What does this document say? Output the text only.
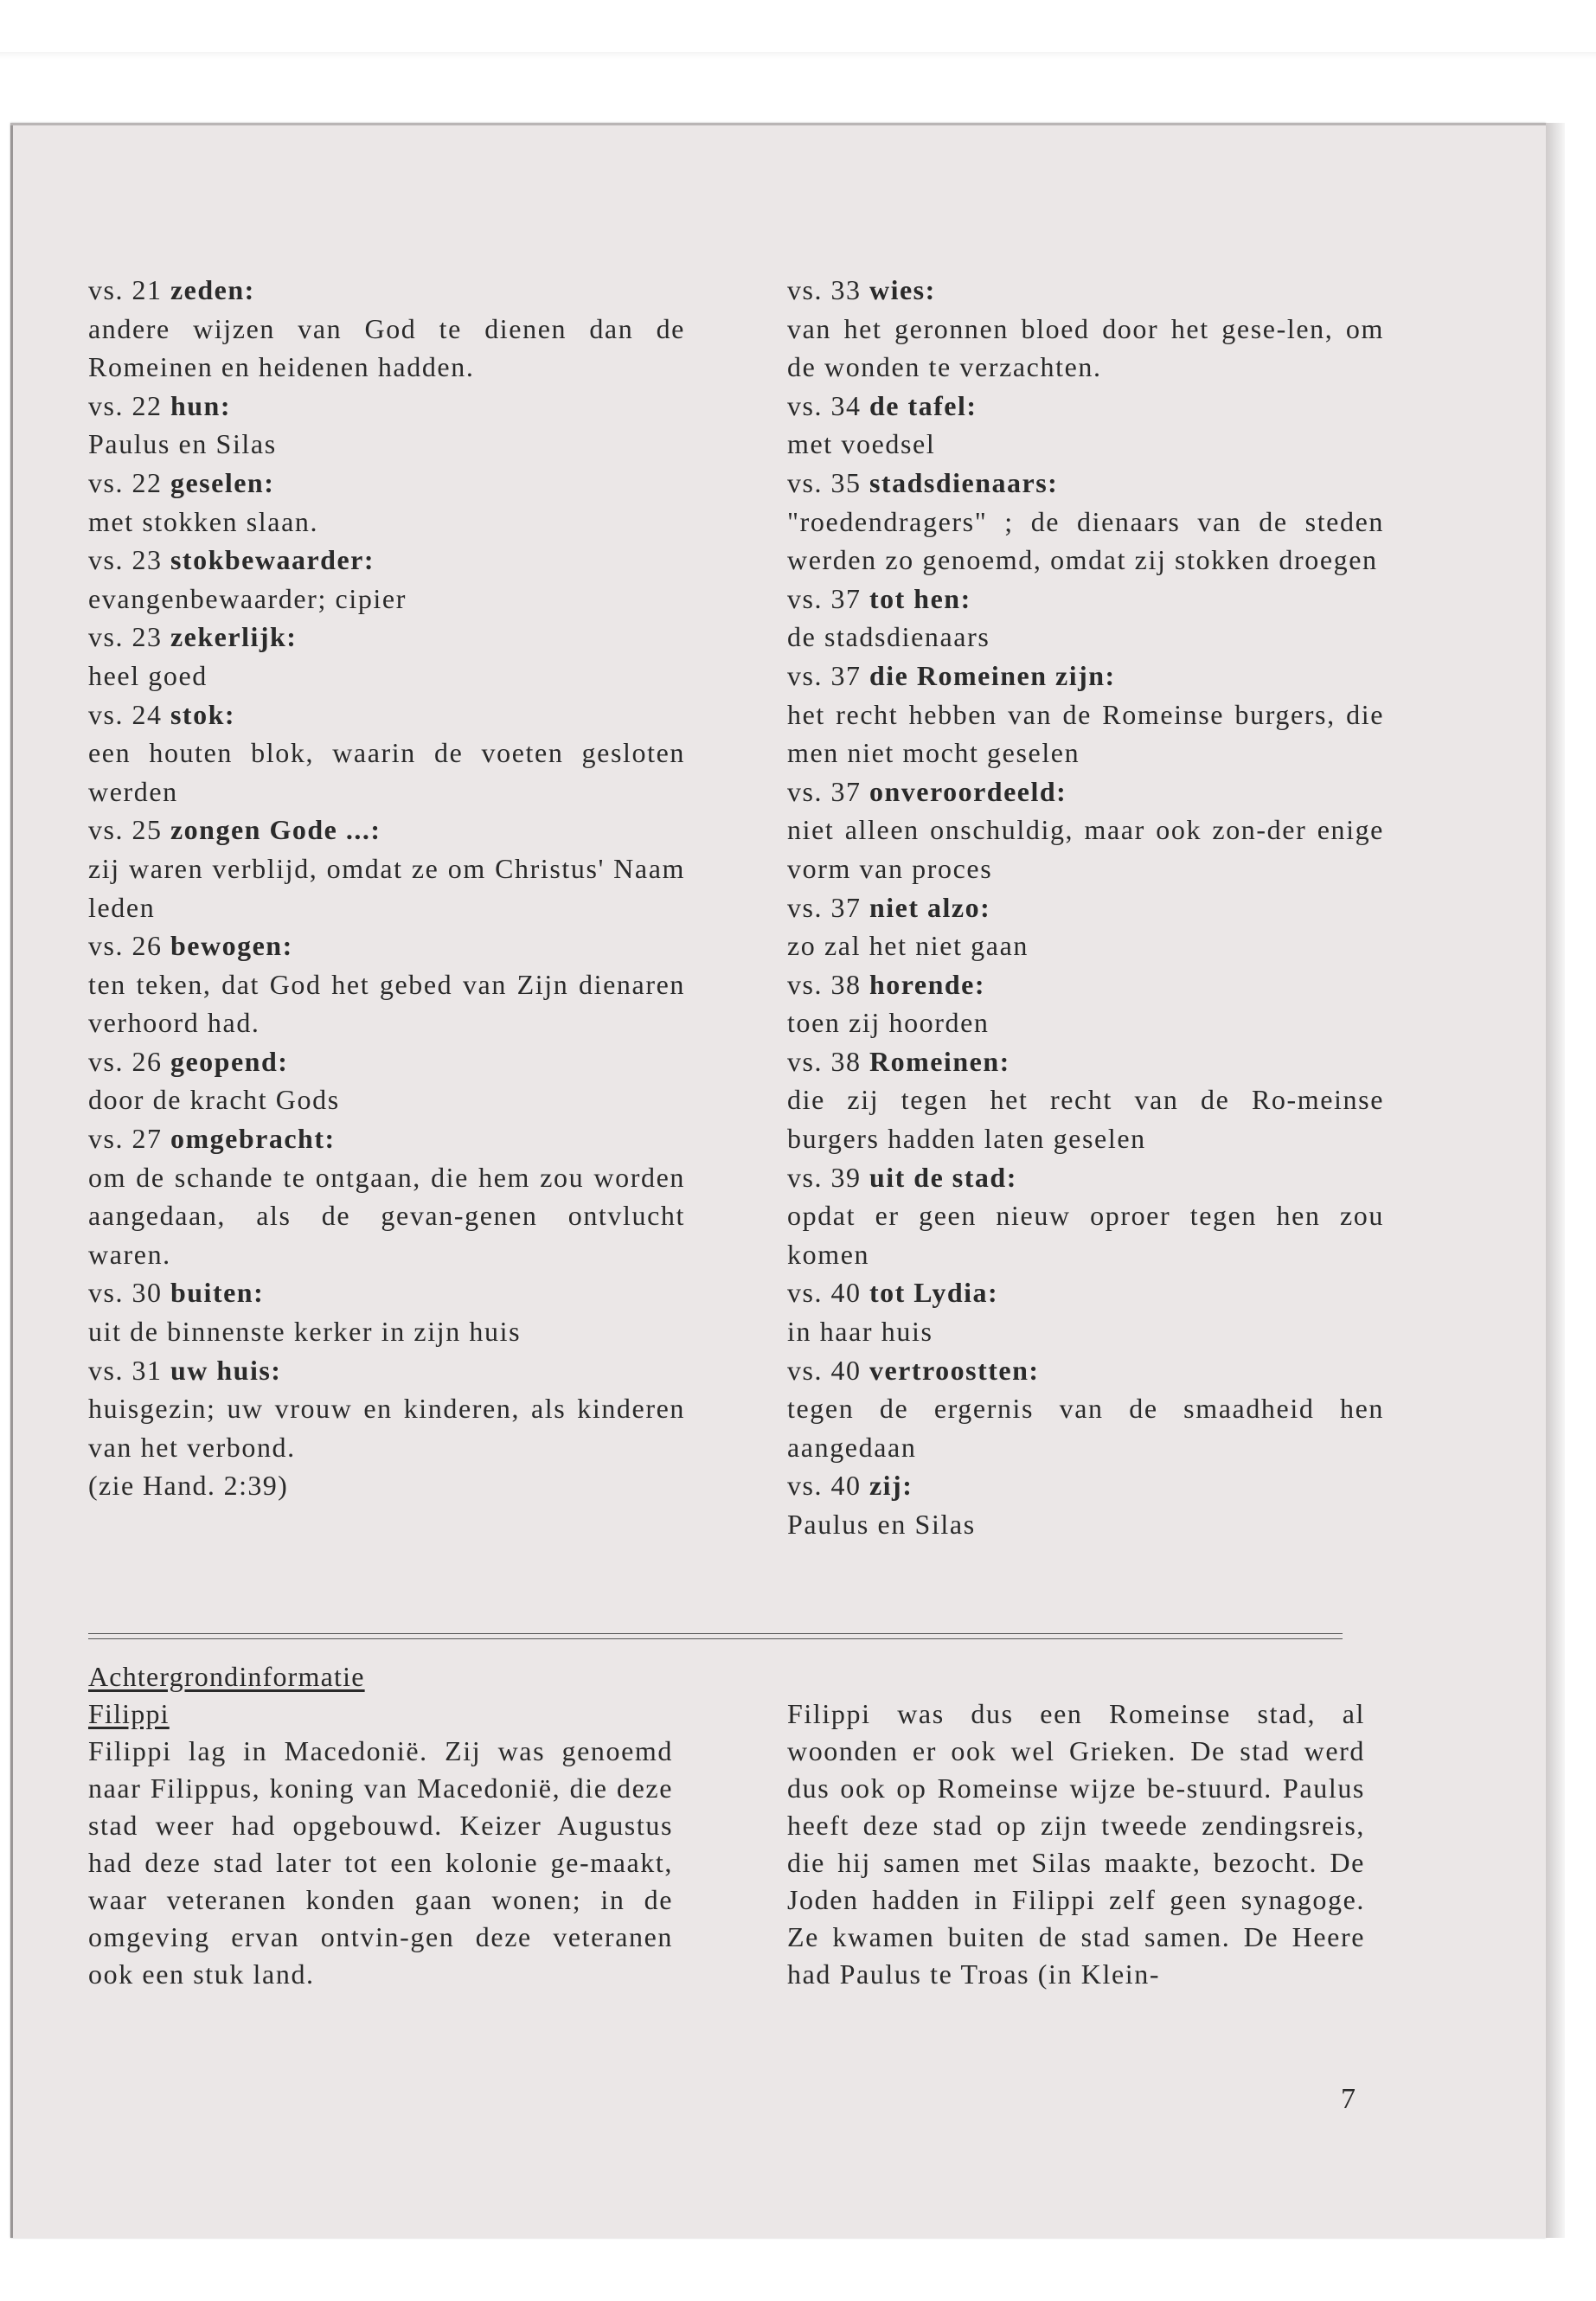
vs. 21 zeden:
andere wijzen van God te dienen dan de Romeinen en heidenen hadden.
vs. 22 hun:
Paulus en Silas
vs. 22 geselen:
met stokken slaan.
vs. 23 stokbewaarder:
evangenbewaarder; cipier
vs. 23 zekerlijk:
heel goed
vs. 24 stok:
een houten blok, waarin de voeten gesloten werden
vs. 25 zongen Gode ...:
zij waren verblijd, omdat ze om Christus' Naam leden
vs. 26 bewogen:
ten teken, dat God het gebed van Zijn dienaren verhoord had.
vs. 26 geopend:
door de kracht Gods
vs. 27 omgebracht:
om de schande te ontgaan, die hem zou worden aangedaan, als de gevan-genen ontvlucht waren.
vs. 30 buiten:
uit de binnenste kerker in zijn huis
vs. 31 uw huis:
huisgezin; uw vrouw en kinderen, als kinderen van het verbond.
(zie Hand. 2:39)
vs. 33 wies:
van het geronnen bloed door het gese-len, om de wonden te verzachten.
vs. 34 de tafel:
met voedsel
vs. 35 stadsdienaars:
"roedendragers" ; de dienaars van de steden werden zo genoemd, omdat zij stokken droegen
vs. 37 tot hen:
de stadsdienaars
vs. 37 die Romeinen zijn:
het recht hebben van de Romeinse burgers, die men niet mocht geselen
vs. 37 onveroordeeld:
niet alleen onschuldig, maar ook zon-der enige vorm van proces
vs. 37 niet alzo:
zo zal het niet gaan
vs. 38 horende:
toen zij hoorden
vs. 38 Romeinen:
die zij tegen het recht van de Ro-meinse burgers hadden laten geselen
vs. 39 uit de stad:
opdat er geen nieuw oproer tegen hen zou komen
vs. 40 tot Lydia:
in haar huis
vs. 40 vertroostten:
tegen de ergernis van de smaadheid hen aangedaan
vs. 40 zij:
Paulus en Silas
Achtergrondinformatie
Filippi
Filippi lag in Macedonië. Zij was genoemd naar Filippus, koning van Macedonië, die deze stad weer had opgebouwd. Keizer Augustus had deze stad later tot een kolonie ge-maakt, waar veteranen konden gaan wonen; in de omgeving ervan ontvin-gen deze veteranen ook een stuk land.
Filippi was dus een Romeinse stad, al woonden er ook wel Grieken. De stad werd dus ook op Romeinse wijze be-stuurd. Paulus heeft deze stad op zijn tweede zendingsreis, die hij samen met Silas maakte, bezocht. De Joden hadden in Filippi zelf geen synagoge. Ze kwamen buiten de stad samen. De Heere had Paulus te Troas (in Klein-
7
